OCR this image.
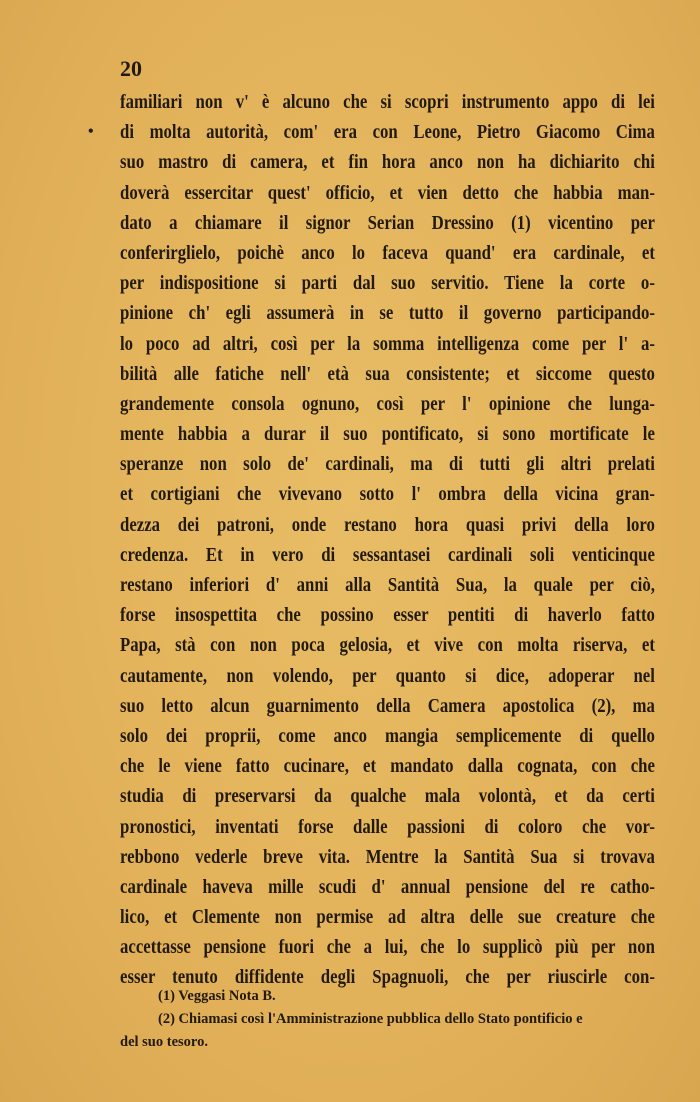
20
•
familiari non v' è alcuno che si scopri instrumento appo di lei
di molta autorità, com' era con Leone, Pietro Giacomo Cima
suo mastro di camera, et fin hora anco non ha dichiarito chi
doverà essercitar quest' officio, et vien detto che habbia man-
dato a chiamare il signor Serian Dressino (1) vicentino per
conferirglielo, poichè anco lo faceva quand' era cardinale, et
per indispositione si parti dal suo servitio. Tiene la corte o-
pinione ch' egli assumerà in se tutto il governo participando-
lo poco ad altri, così per la somma intelligenza come per l' a-
bilità alle fatiche nell' età sua consistente; et siccome questo
grandemente consola ognuno, così per l' opinione che lunga-
mente habbia a durar il suo pontificato, si sono mortificate le
speranze non solo de' cardinali, ma di tutti gli altri prelati
et cortigiani che vivevano sotto l' ombra della vicina gran-
dezza dei patroni, onde restano hora quasi privi della loro
credenza. Et in vero di sessantasei cardinali soli venticinque
restano inferiori d' anni alla Santità Sua, la quale per ciò,
forse insospettita che possino esser pentiti di haverlo fatto
Papa, stà con non poca gelosia, et vive con molta riserva, et
cautamente, non volendo, per quanto si dice, adoperar nel
suo letto alcun guarnimento della Camera apostolica (2), ma
solo dei proprii, come anco mangia semplicemente di quello
che le viene fatto cucinare, et mandato dalla cognata, con che
studia di preservarsi da qualche mala volontà, et da certi
pronostici, inventati forse dalle passioni di coloro che vor-
rebbono vederle breve vita. Mentre la Santità Sua si trovava
cardinale haveva mille scudi d' annual pensione del re catho-
lico, et Clemente non permise ad altra delle sue creature che
accettasse pensione fuori che a lui, che lo supplicò più per non
esser tenuto diffidente degli Spagnuoli, che per riuscirle con-
(1) Veggasi Nota B.
(2) Chiamasi così l'Amministrazione pubblica dello Stato pontificio e
del suo tesoro.
